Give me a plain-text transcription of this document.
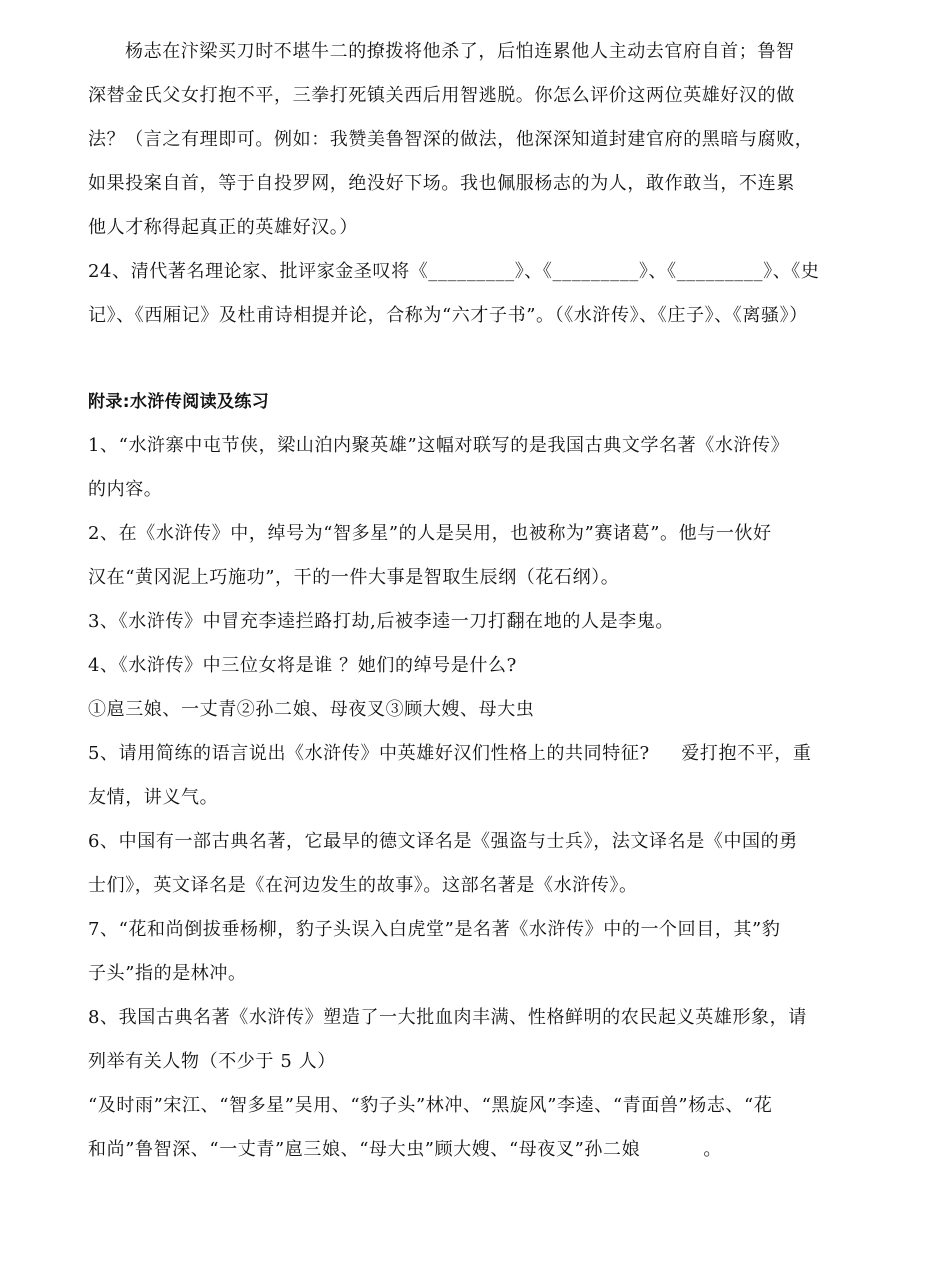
杨志在汴梁买刀时不堪牛二的撩拨将他杀了，后怕连累他人主动去官府自首；鲁智
深替金氏父女打抱不平，三拳打死镇关西后用智逃脱。你怎么评价这两位英雄好汉的做
法？（言之有理即可。例如：我赞美鲁智深的做法，他深深知道封建官府的黑暗与腐败，
如果投案自首，等于自投罗网，绝没好下场。我也佩服杨志的为人，敢作敢当，不连累
他人才称得起真正的英雄好汉。）
24、清代著名理论家、批评家金圣叹将《_________》、《_________》、《_________》、《史
记》、《西厢记》及杜甫诗相提并论，合称为“六才子书”。（《水浒传》、《庄子》、《离骚》）
附录:水浒传阅读及练习
1、“水浒寨中屯节侠，梁山泊内聚英雄”这幅对联写的是我国古典文学名著《水浒传》
的内容。
2、在《水浒传》中，绰号为“智多星”的人是吴用，也被称为”赛诸葛”。他与一伙好
汉在“黄冈泥上巧施功”，干的一件大事是智取生辰纲（花石纲）。
3、《水浒传》中冒充李逵拦路打劫,后被李逵一刀打翻在地的人是李鬼。
4、《水浒传》中三位女将是谁 ？她们的绰号是什么?
①扈三娘、一丈青②孙二娘、母夜叉③顾大嫂、母大虫
5、请用简练的语言说出《水浒传》中英雄好汉们性格上的共同特征?     爱打抱不平，重
友情，讲义气。
6、中国有一部古典名著，它最早的德文译名是《强盗与士兵》，法文译名是《中国的勇
士们》，英文译名是《在河边发生的故事》。这部名著是《水浒传》。
7、“花和尚倒拔垂杨柳，豹子头误入白虎堂”是名著《水浒传》中的一个回目，其”豹
子头”指的是林冲。
8、我国古典名著《水浒传》塑造了一大批血肉丰满、性格鲜明的农民起义英雄形象，请
列举有关人物（不少于 5 人）
“及时雨”宋江、“智多星”吴用、“豹子头”林冲、“黑旋风”李逵、“青面兽”杨志、“花
和尚”鲁智深、“一丈青”扈三娘、“母大虫”顾大嫂、“母夜叉”孙二娘          。
